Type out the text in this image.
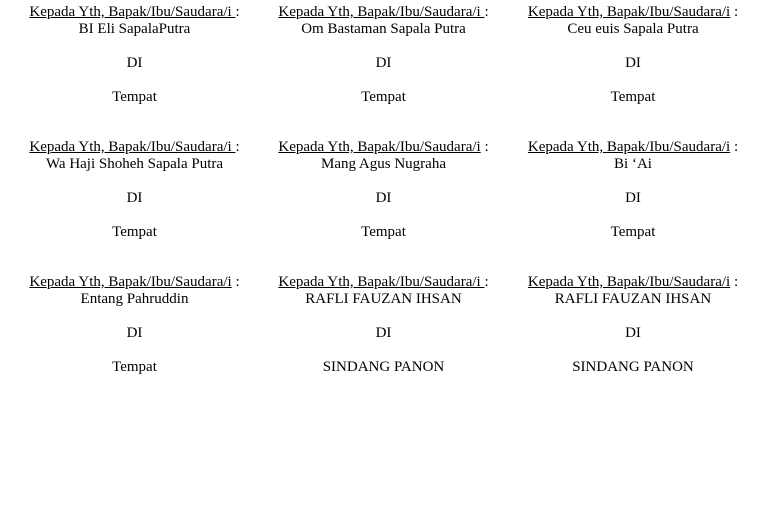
Kepada Yth, Bapak/Ibu/Saudara/i :
BI Eli SapalaPutra
DI
Tempat
Kepada Yth, Bapak/Ibu/Saudara/i :
Om Bastaman Sapala Putra
DI
Tempat
Kepada Yth, Bapak/Ibu/Saudara/i :
Ceu euis Sapala Putra
DI
Tempat
Kepada Yth, Bapak/Ibu/Saudara/i :
Wa Haji Shoheh Sapala Putra
DI
Tempat
Kepada Yth, Bapak/Ibu/Saudara/i :
Mang Agus Nugraha
DI
Tempat
Kepada Yth, Bapak/Ibu/Saudara/i :
Bi ‘Ai
DI
Tempat
Kepada Yth, Bapak/Ibu/Saudara/i :
Entang Pahruddin
DI
Tempat
Kepada Yth, Bapak/Ibu/Saudara/i :
RAFLI FAUZAN IHSAN
DI
SINDANG PANON
Kepada Yth, Bapak/Ibu/Saudara/i :
RAFLI FAUZAN IHSAN
DI
SINDANG PANON
